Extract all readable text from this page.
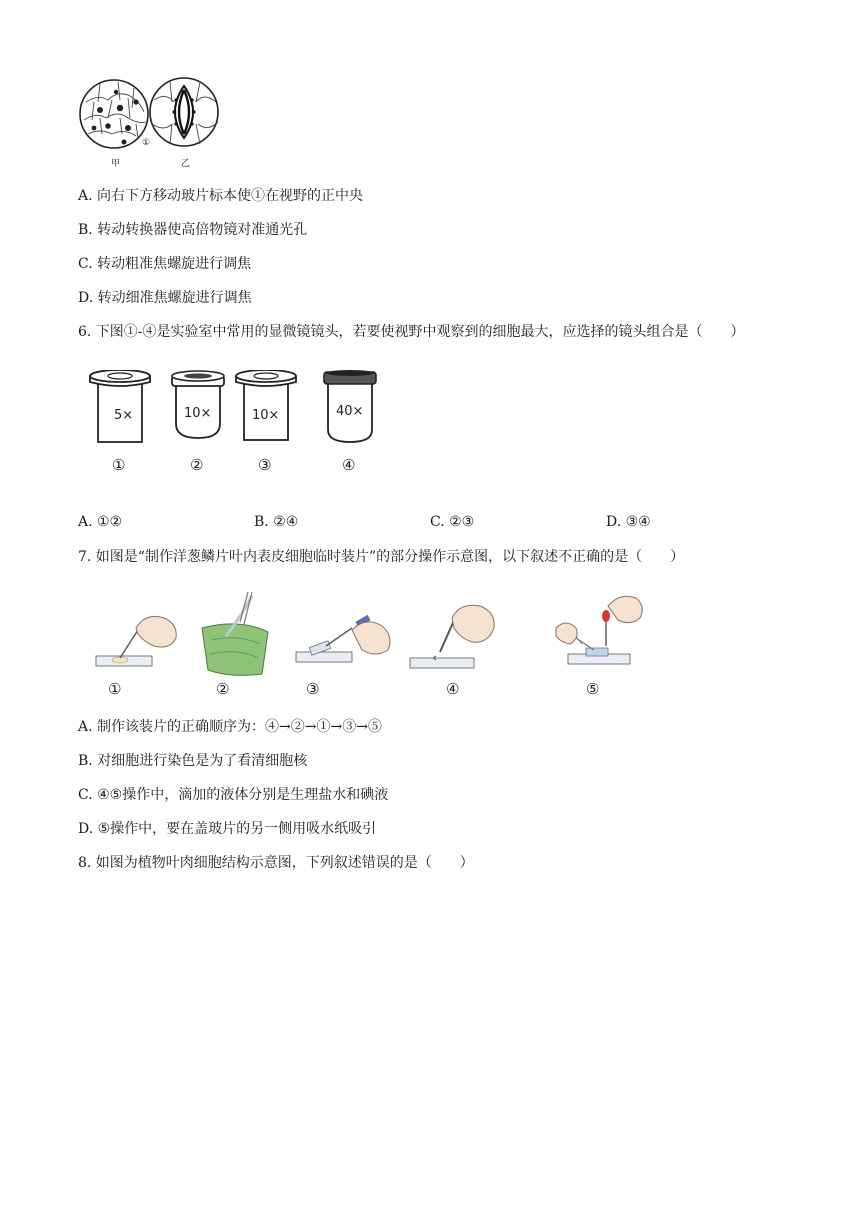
甲
①
乙
A. 向右下方移动玻片标本使①在视野的正中央
B. 转动转换器使高倍物镜对准通光孔
C. 转动粗准焦螺旋进行调焦
D. 转动细准焦螺旋进行调焦
6. 下图①-④是实验室中常用的显微镜镜头，若要使视野中观察到的细胞最大，应选择的镜头组合是（　　）
5×	10×	10×	40×
①	②	③	④
A. ①②	B. ②④	C. ②③	D. ③④
7. 如图是“制作洋葱鳞片叶内表皮细胞临时装片”的部分操作示意图，以下叙述不正确的是（　　）
①	②	③	④	⑤
A. 制作该装片的正确顺序为：④→②→①→③→⑤
B. 对细胞进行染色是为了看清细胞核
C. ④⑤操作中，滴加的液体分别是生理盐水和碘液
D. ⑤操作中，要在盖玻片的另一侧用吸水纸吸引
8. 如图为植物叶肉细胞结构示意图，下列叙述错误的是（　　）
